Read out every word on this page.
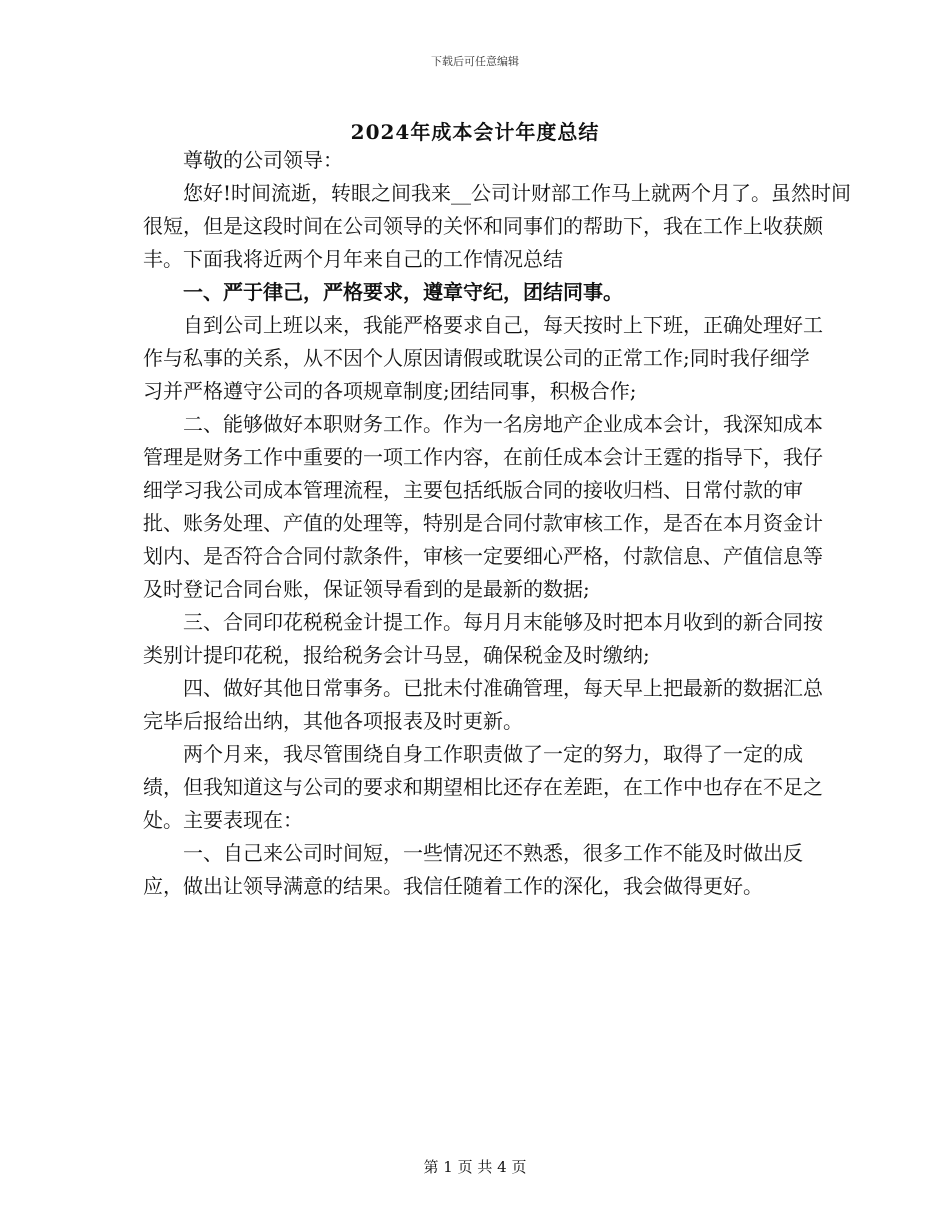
下载后可任意编辑
2024年成本会计年度总结

尊敬的公司领导：

您好!时间流逝，转眼之间我来__公司计财部工作马上就两个月了。虽然时间很短，但是这段时间在公司领导的关怀和同事们的帮助下，我在工作上收获颇丰。下面我将近两个月年来自己的工作情况总结

一、严于律己，严格要求，遵章守纪，团结同事。

自到公司上班以来，我能严格要求自己，每天按时上下班，正确处理好工作与私事的关系，从不因个人原因请假或耽误公司的正常工作;同时我仔细学习并严格遵守公司的各项规章制度;团结同事，积极合作;

二、能够做好本职财务工作。作为一名房地产企业成本会计，我深知成本管理是财务工作中重要的一项工作内容，在前任成本会计王霆的指导下，我仔细学习我公司成本管理流程，主要包括纸版合同的接收归档、日常付款的审批、账务处理、产值的处理等，特别是合同付款审核工作，是否在本月资金计划内、是否符合合同付款条件，审核一定要细心严格，付款信息、产值信息等及时登记合同台账，保证领导看到的是最新的数据;

三、合同印花税税金计提工作。每月月末能够及时把本月收到的新合同按类别计提印花税，报给税务会计马昱，确保税金及时缴纳;

四、做好其他日常事务。已批未付准确管理，每天早上把最新的数据汇总完毕后报给出纳，其他各项报表及时更新。

两个月来，我尽管围绕自身工作职责做了一定的努力，取得了一定的成绩，但我知道这与公司的要求和期望相比还存在差距，在工作中也存在不足之处。主要表现在：

一、自己来公司时间短，一些情况还不熟悉，很多工作不能及时做出反应，做出让领导满意的结果。我信任随着工作的深化，我会做得更好。

第 1 页 共 4 页
